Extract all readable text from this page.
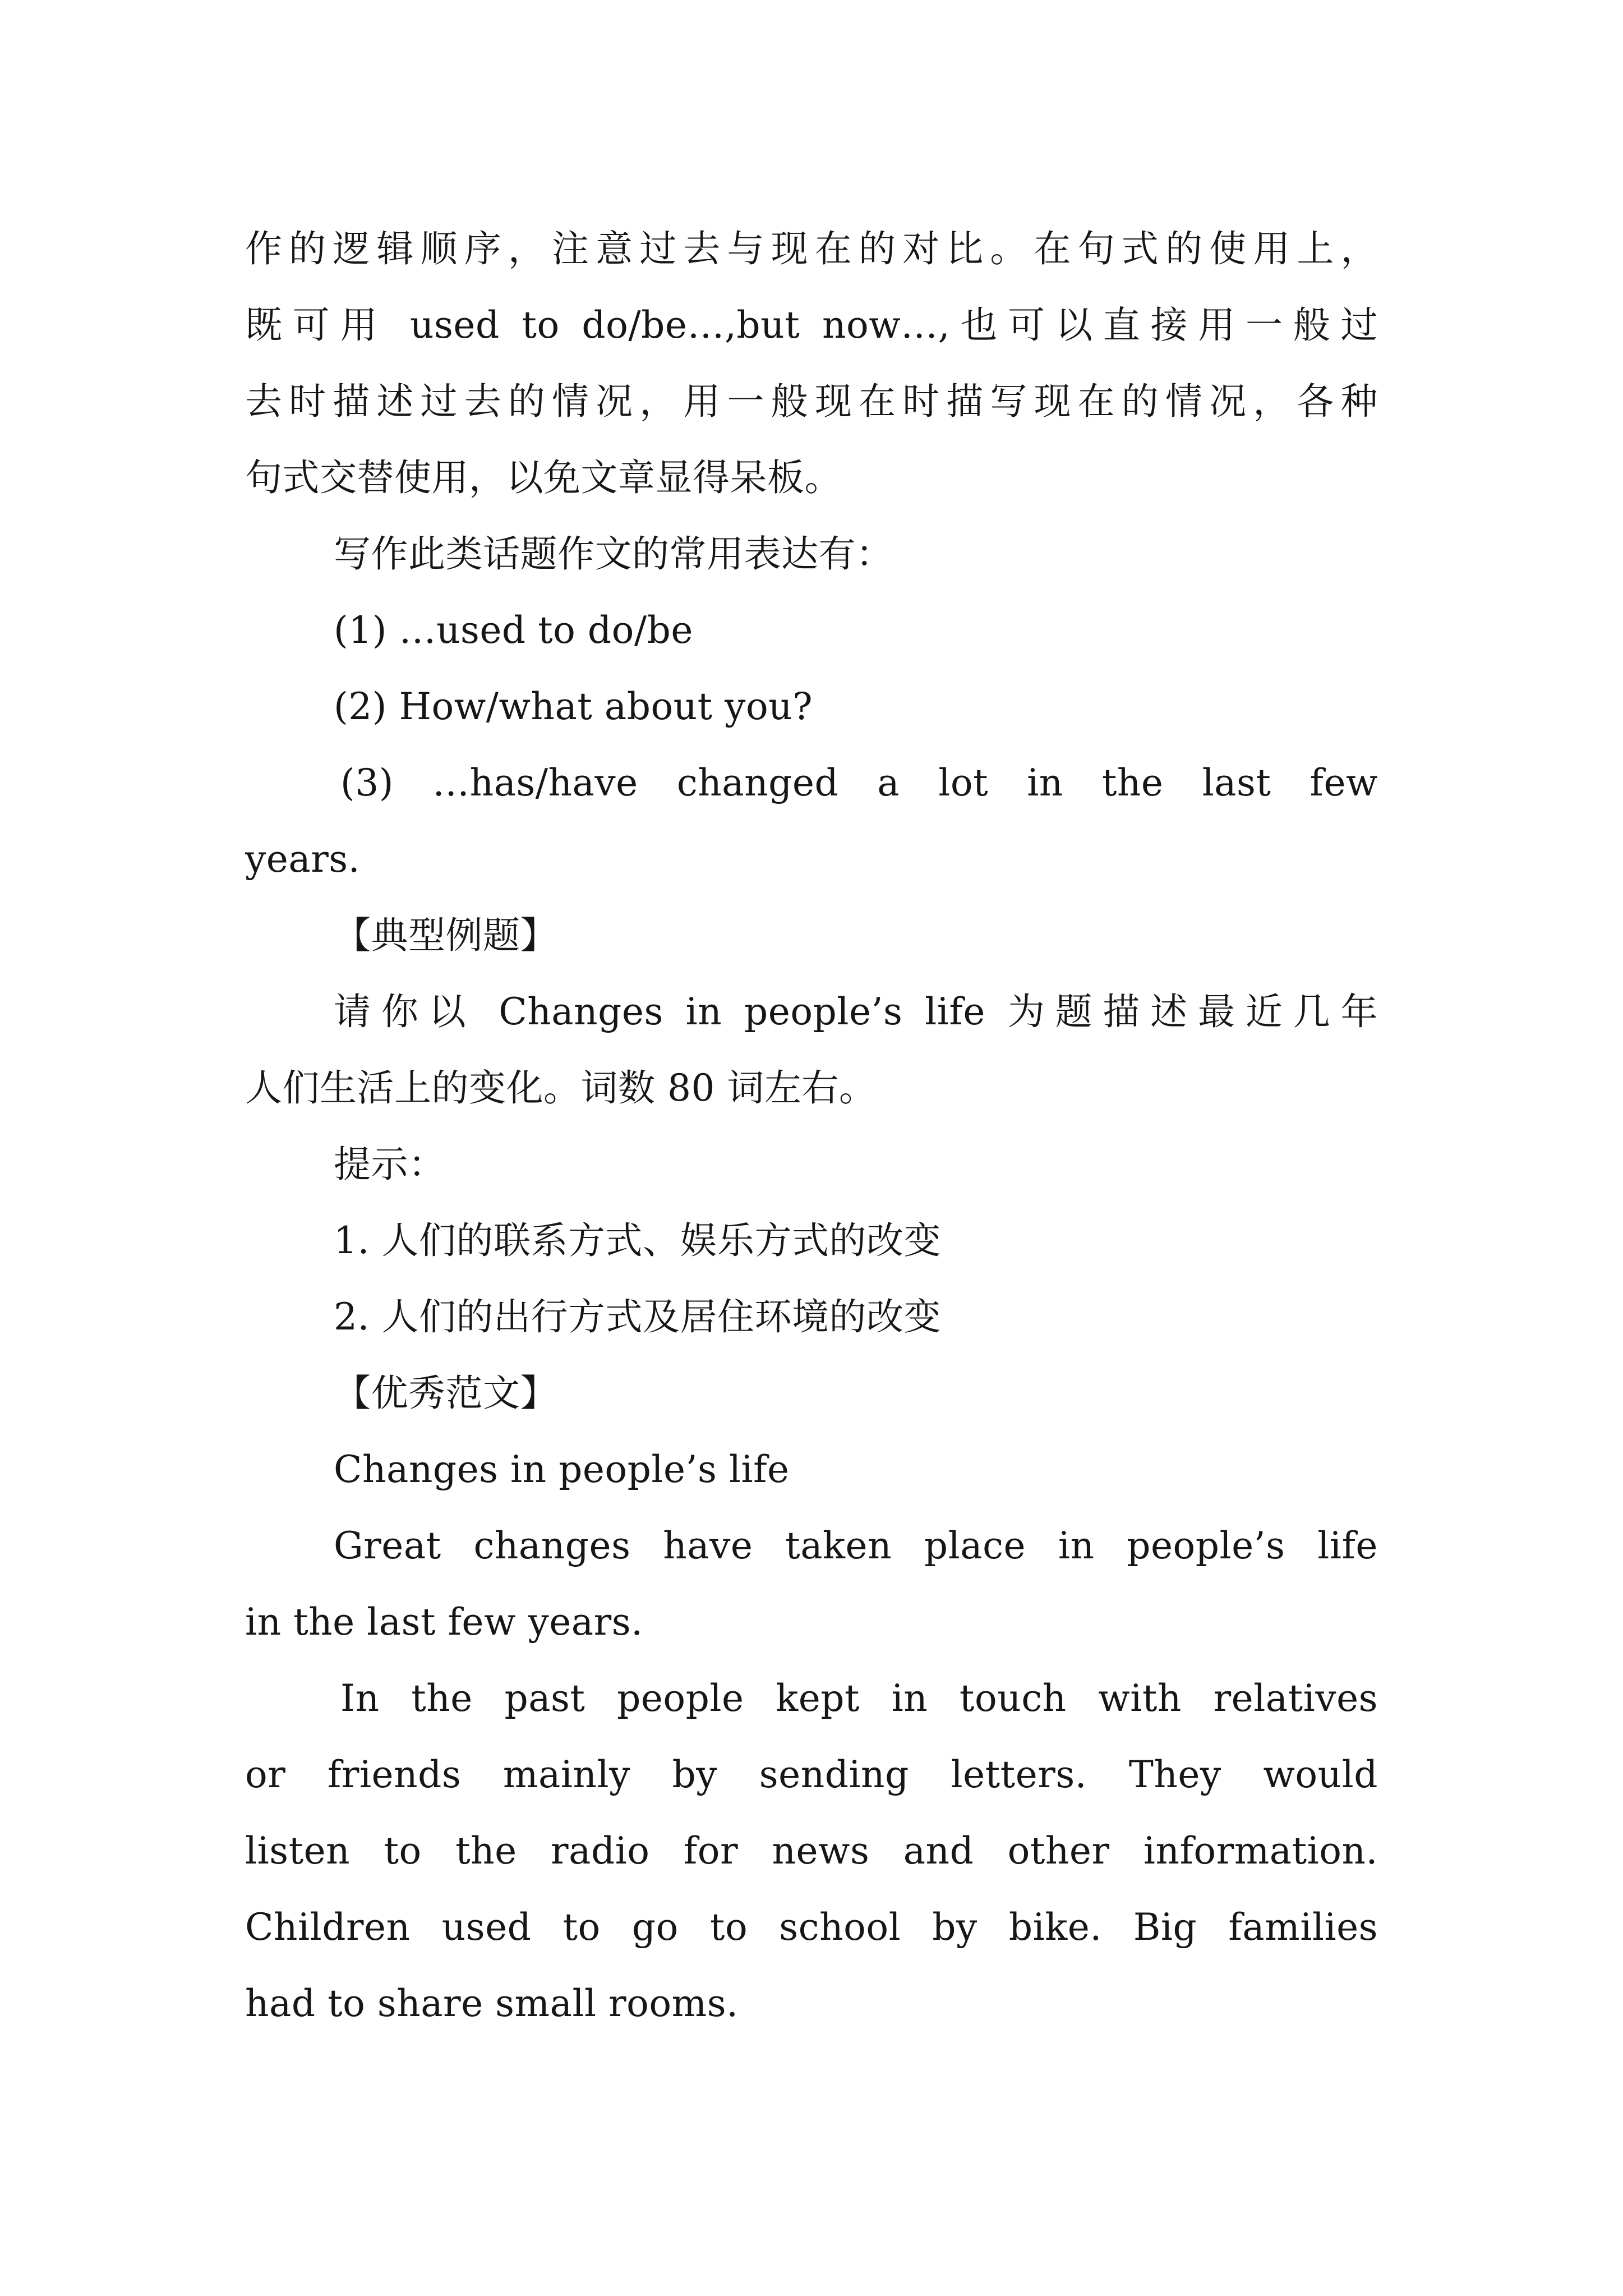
作的逻辑顺序，注意过去与现在的对比。在句式的使用上，
既可用 used to do/be…,but now…,也可以直接用一般过
去时描述过去的情况，用一般现在时描写现在的情况，各种
句式交替使用，以免文章显得呆板。
写作此类话题作文的常用表达有：
(1) …used to do/be
(2) How/what about you?
(3) …has/have changed a lot in the last few
years.
【典型例题】
请你以 Changes in people’s life 为题描述最近几年
人们生活上的变化。词数 80 词左右。
提示：
1. 人们的联系方式、娱乐方式的改变
2. 人们的出行方式及居住环境的改变
【优秀范文】
Changes in people’s life
Great changes have taken place in people’s life
in the last few years.
In the past people kept in touch with relatives
or friends mainly by sending letters. They would
listen to the radio for news and other information.
Children used to go to school by bike. Big families
had to share small rooms.
